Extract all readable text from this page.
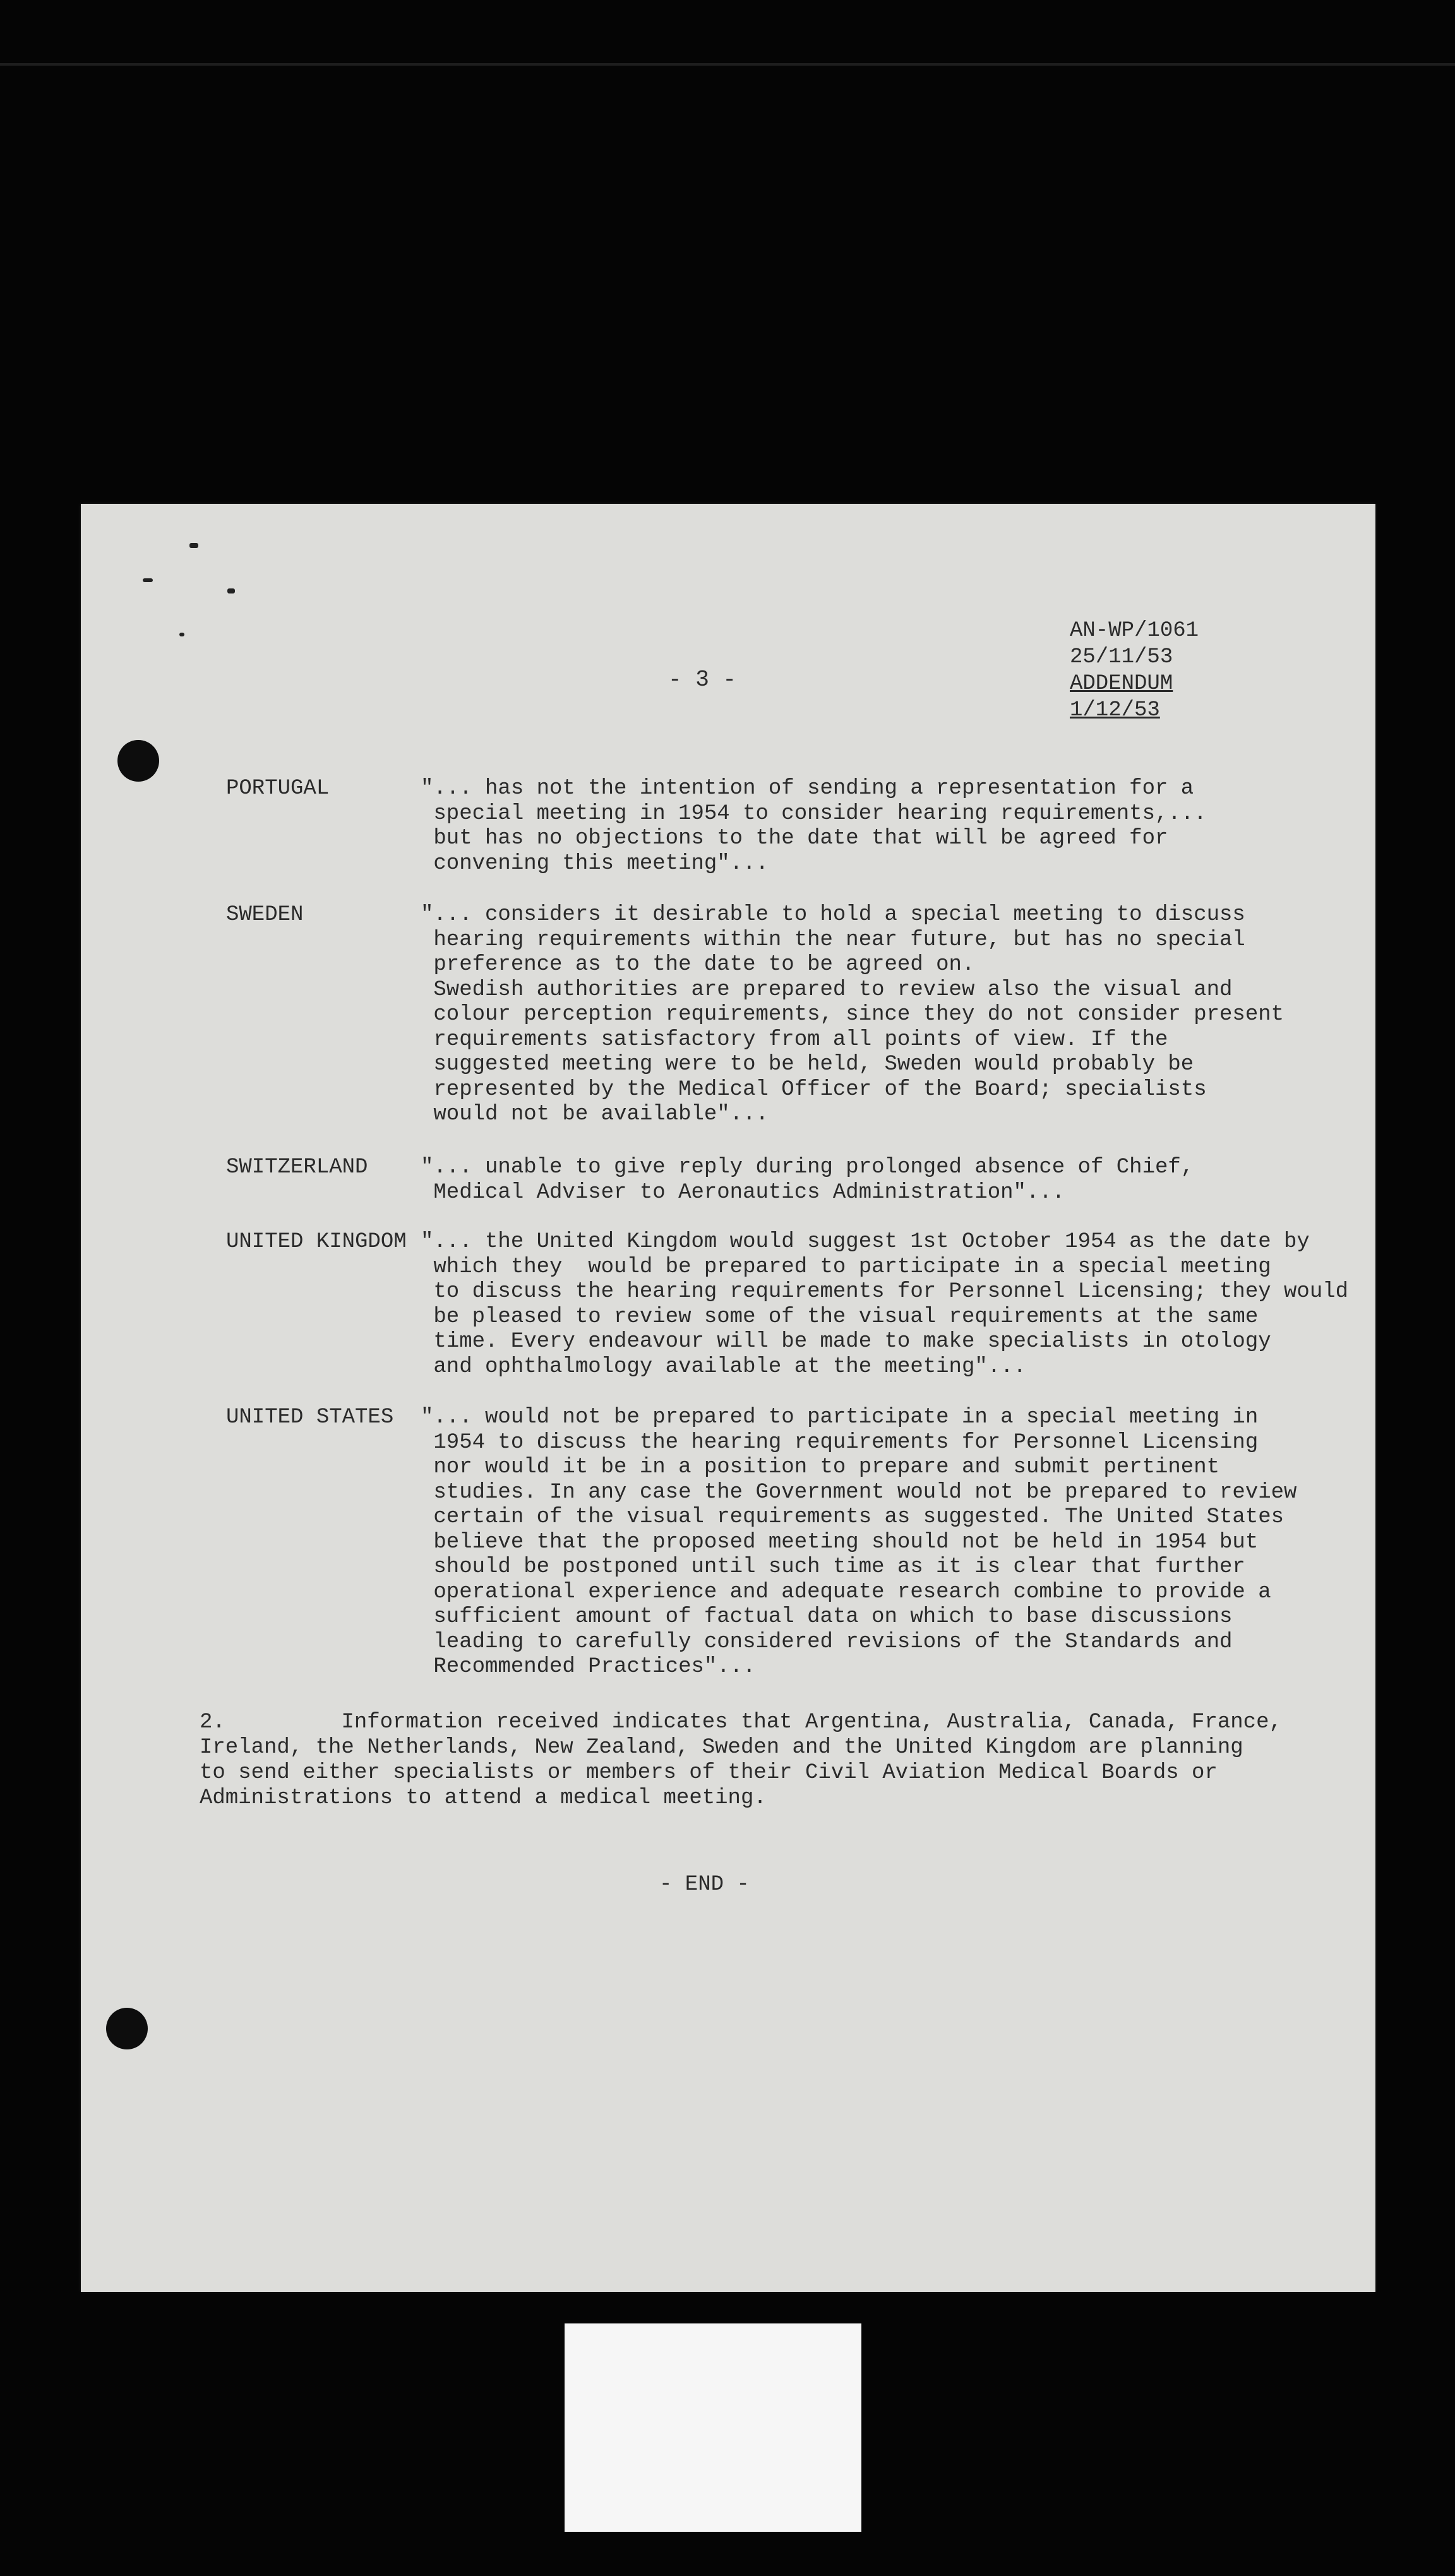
AN-WP/1061
25/11/53
ADDENDUM
1/12/53
- 3 -
PORTUGAL	"... has not the intention of sending a representation for a
special meeting in 1954 to consider hearing requirements,...
but has no objections to the date that will be agreed for
convening this meeting"...
SWEDEN	"... considers it desirable to hold a special meeting to discuss
hearing requirements within the near future, but has no special
preference as to the date to be agreed on.
Swedish authorities are prepared to review also the visual and
colour perception requirements, since they do not consider present
requirements satisfactory from all points of view. If the
suggested meeting were to be held, Sweden would probably be
represented by the Medical Officer of the Board; specialists
would not be available"...
SWITZERLAND "... unable to give reply during prolonged absence of Chief,
Medical Adviser to Aeronautics Administration"...
UNITED KINGDOM "... the United Kingdom would suggest 1st October 1954 as the date by
which they  would be prepared to participate in a special meeting
to discuss the hearing requirements for Personnel Licensing; they would
be pleased to review some of the visual requirements at the same
time. Every endeavour will be made to make specialists in otology
and ophthalmology available at the meeting"...
UNITED STATES "... would not be prepared to participate in a special meeting in
1954 to discuss the hearing requirements for Personnel Licensing
nor would it be in a position to prepare and submit pertinent
studies. In any case the Government would not be prepared to review
certain of the visual requirements as suggested. The United States
believe that the proposed meeting should not be held in 1954 but
should be postponed until such time as it is clear that further
operational experience and adequate research combine to provide a
sufficient amount of factual data on which to base discussions
leading to carefully considered revisions of the Standards and
Recommended Practices"...
2.         Information received indicates that Argentina, Australia, Canada, France,
Ireland, the Netherlands, New Zealand, Sweden and the United Kingdom are planning
to send either specialists or members of their Civil Aviation Medical Boards or
Administrations to attend a medical meeting.
- END -
